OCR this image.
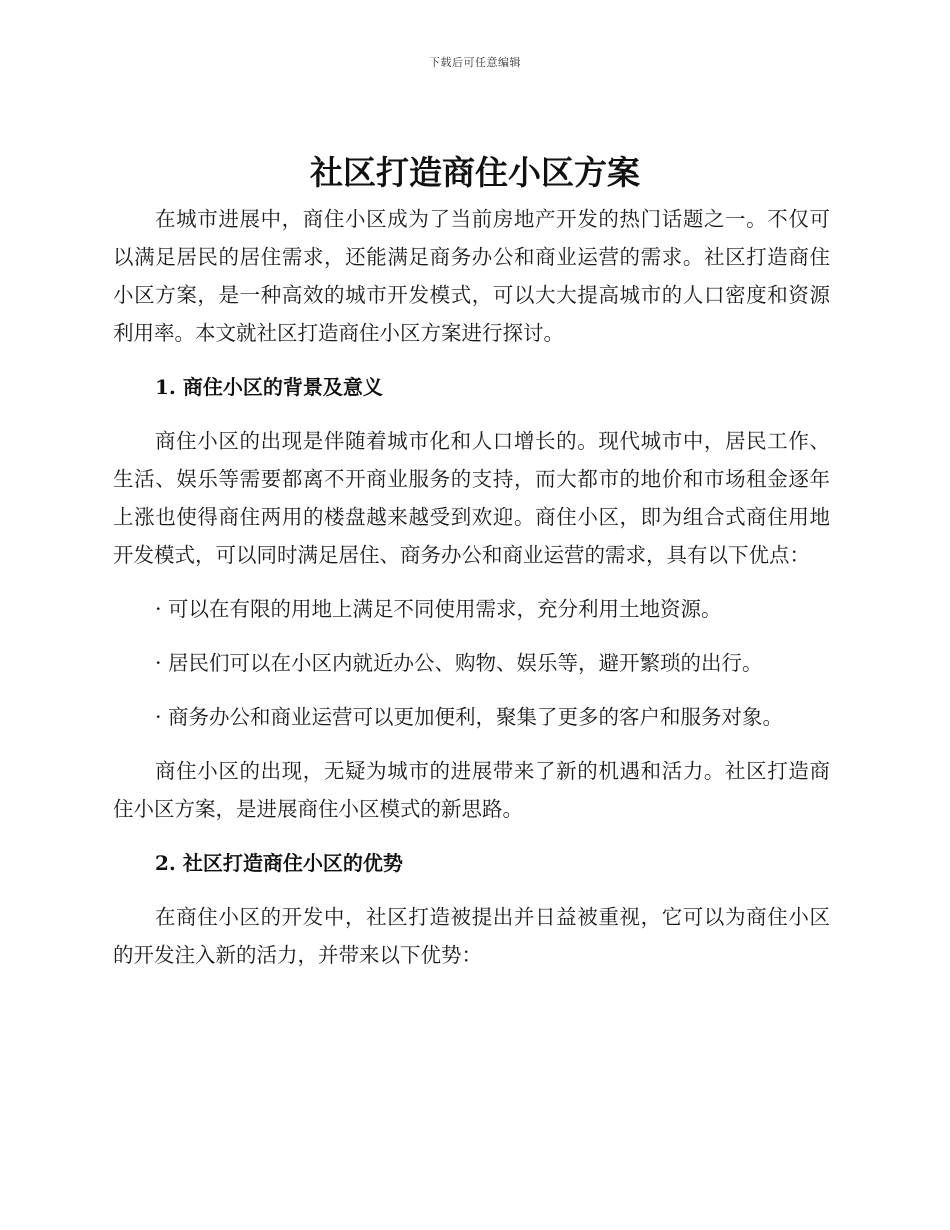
下载后可任意编辑
社区打造商住小区方案

在城市进展中，商住小区成为了当前房地产开发的热门话题之一。不仅可以满足居民的居住需求，还能满足商务办公和商业运营的需求。社区打造商住小区方案，是一种高效的城市开发模式，可以大大提高城市的人口密度和资源利用率。本文就社区打造商住小区方案进行探讨。

1. 商住小区的背景及意义

商住小区的出现是伴随着城市化和人口增长的。现代城市中，居民工作、生活、娱乐等需要都离不开商业服务的支持，而大都市的地价和市场租金逐年上涨也使得商住两用的楼盘越来越受到欢迎。商住小区，即为组合式商住用地开发模式，可以同时满足居住、商务办公和商业运营的需求，具有以下优点：

· 可以在有限的用地上满足不同使用需求，充分利用土地资源。

· 居民们可以在小区内就近办公、购物、娱乐等，避开繁琐的出行。

· 商务办公和商业运营可以更加便利，聚集了更多的客户和服务对象。

商住小区的出现，无疑为城市的进展带来了新的机遇和活力。社区打造商住小区方案，是进展商住小区模式的新思路。

2. 社区打造商住小区的优势

在商住小区的开发中，社区打造被提出并日益被重视，它可以为商住小区的开发注入新的活力，并带来以下优势：
